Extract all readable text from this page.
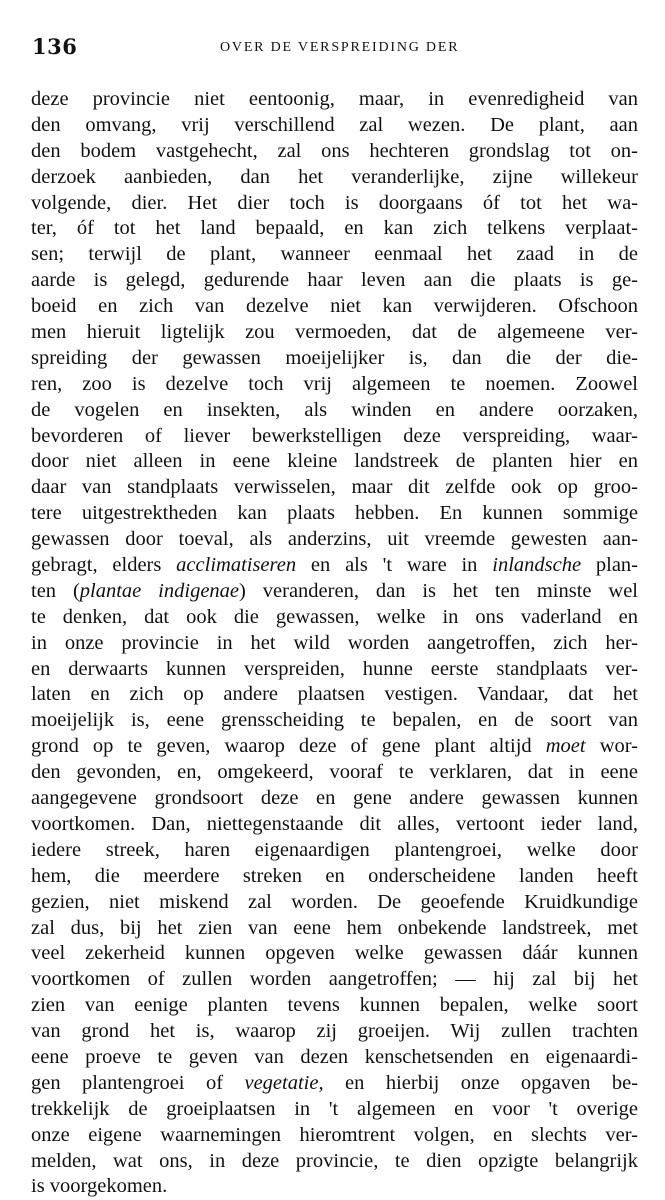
136	OVER DE VERSPREIDING DER
deze provincie niet eentoonig, maar, in evenredigheid van
den omvang, vrij verschillend zal wezen. De plant, aan
den bodem vastgehecht, zal ons hechteren grondslag tot on-
derzoek aanbieden, dan het veranderlijke, zijne willekeur
volgende, dier. Het dier toch is doorgaans óf tot het wa-
ter, óf tot het land bepaald, en kan zich telkens verplaat-
sen; terwijl de plant, wanneer eenmaal het zaad in de
aarde is gelegd, gedurende haar leven aan die plaats is ge-
boeid en zich van dezelve niet kan verwijderen. Ofschoon
men hieruit ligtelijk zou vermoeden, dat de algemeene ver-
spreiding der gewassen moeijelijker is, dan die der die-
ren, zoo is dezelve toch vrij algemeen te noemen. Zoowel
de vogelen en insekten, als winden en andere oorzaken,
bevorderen of liever bewerkstelligen deze verspreiding, waar-
door niet alleen in eene kleine landstreek de planten hier en
daar van standplaats verwisselen, maar dit zelfde ook op groo-
tere uitgestrektheden kan plaats hebben. En kunnen sommige
gewassen door toeval, als anderzins, uit vreemde gewesten aan-
gebragt, elders acclimatiseren en als 't ware in inlandsche plan-
ten (plantae indigenae) veranderen, dan is het ten minste wel
te denken, dat ook die gewassen, welke in ons vaderland en
in onze provincie in het wild worden aangetroffen, zich her-
en derwaarts kunnen verspreiden, hunne eerste standplaats ver-
laten en zich op andere plaatsen vestigen. Vandaar, dat het
moeijelijk is, eene grensscheiding te bepalen, en de soort van
grond op te geven, waarop deze of gene plant altijd moet wor-
den gevonden, en, omgekeerd, vooraf te verklaren, dat in eene
aangegevene grondsoort deze en gene andere gewassen kunnen
voortkomen. Dan, niettegenstaande dit alles, vertoont ieder land,
iedere streek, haren eigenaardigen plantengroei, welke door
hem, die meerdere streken en onderscheidene landen heeft
gezien, niet miskend zal worden. De geoefende Kruidkundige
zal dus, bij het zien van eene hem onbekende landstreek, met
veel zekerheid kunnen opgeven welke gewassen dáár kunnen
voortkomen of zullen worden aangetroffen; — hij zal bij het
zien van eenige planten tevens kunnen bepalen, welke soort
van grond het is, waarop zij groeijen. Wij zullen trachten
eene proeve te geven van dezen kenschetsenden en eigenaardi-
gen plantengroei of vegetatie, en hierbij onze opgaven be-
trekkelijk de groeiplaatsen in 't algemeen en voor 't overige
onze eigene waarnemingen hieromtrent volgen, en slechts ver-
melden, wat ons, in deze provincie, te dien opzigte belangrijk
is voorgekomen.
